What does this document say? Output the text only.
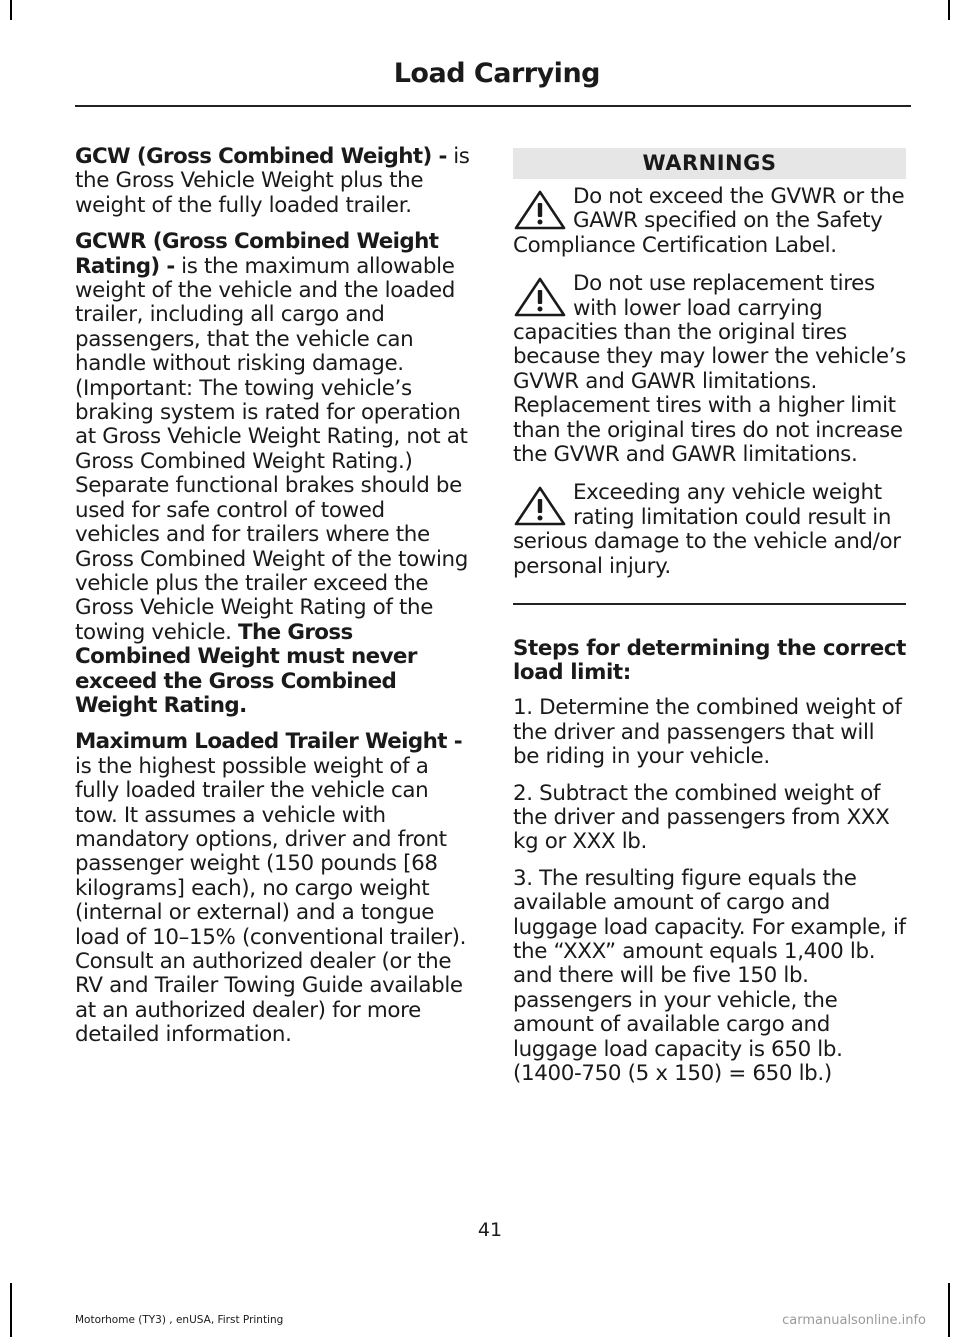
Load Carrying

GCW (Gross Combined Weight) - is the Gross Vehicle Weight plus the weight of the fully loaded trailer.

GCWR (Gross Combined Weight Rating) - is the maximum allowable weight of the vehicle and the loaded trailer, including all cargo and passengers, that the vehicle can handle without risking damage. (Important: The towing vehicle’s braking system is rated for operation at Gross Vehicle Weight Rating, not at Gross Combined Weight Rating.) Separate functional brakes should be used for safe control of towed vehicles and for trailers where the Gross Combined Weight of the towing vehicle plus the trailer exceed the Gross Vehicle Weight Rating of the towing vehicle. The Gross Combined Weight must never exceed the Gross Combined Weight Rating.

Maximum Loaded Trailer Weight - is the highest possible weight of a fully loaded trailer the vehicle can tow. It assumes a vehicle with mandatory options, driver and front passenger weight (150 pounds [68 kilograms] each), no cargo weight (internal or external) and a tongue load of 10–15% (conventional trailer). Consult an authorized dealer (or the RV and Trailer Towing Guide available at an authorized dealer) for more detailed information.

WARNINGS
Do not exceed the GVWR or the GAWR specified on the Safety Compliance Certification Label.
Do not use replacement tires with lower load carrying capacities than the original tires because they may lower the vehicle’s GVWR and GAWR limitations. Replacement tires with a higher limit than the original tires do not increase the GVWR and GAWR limitations.
Exceeding any vehicle weight rating limitation could result in serious damage to the vehicle and/or personal injury.
Steps for determining the correct load limit:

1. Determine the combined weight of the driver and passengers that will be riding in your vehicle.

2. Subtract the combined weight of the driver and passengers from XXX kg or XXX lb.

3. The resulting figure equals the available amount of cargo and luggage load capacity. For example, if the “XXX” amount equals 1,400 lb. and there will be five 150 lb. passengers in your vehicle, the amount of available cargo and luggage load capacity is 650 lb. (1400-750 (5 x 150) = 650 lb.)

41
Motorhome (TY3) , enUSA, First Printing	carmanualsonline.info
